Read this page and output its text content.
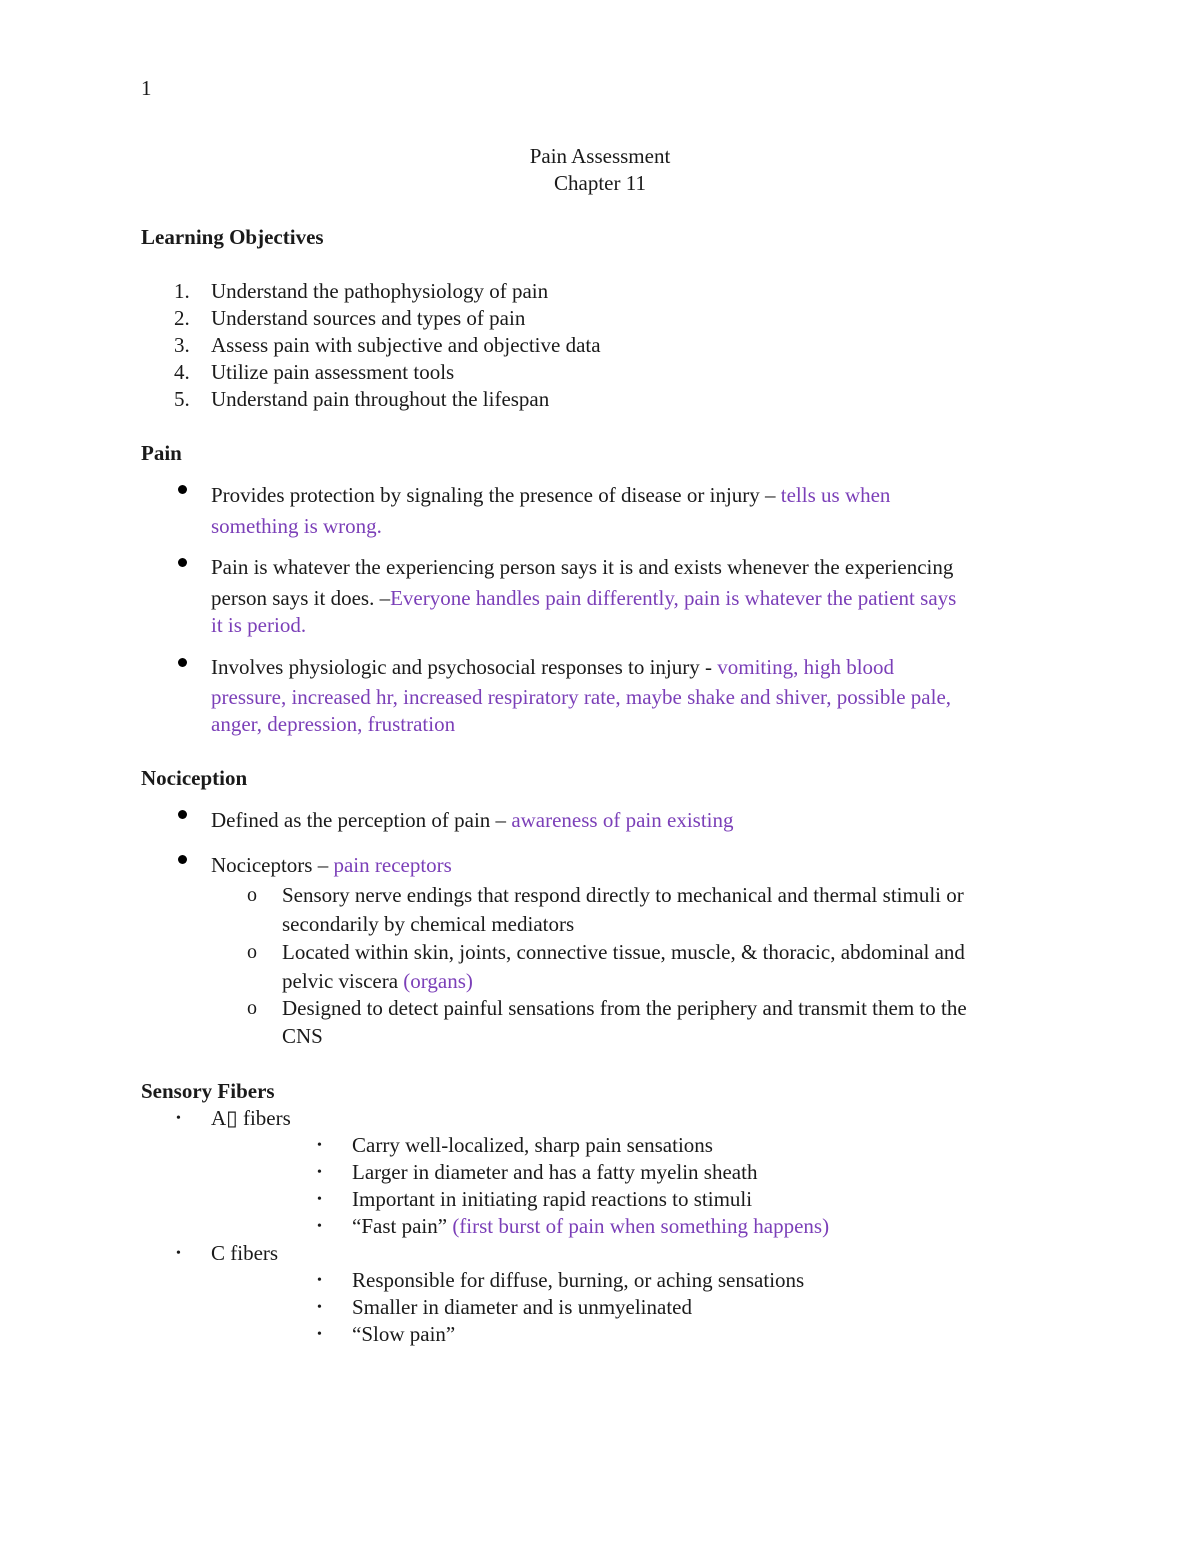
1
Pain Assessment
Chapter 11
Learning Objectives
1. Understand the pathophysiology of pain
2. Understand sources and types of pain
3. Assess pain with subjective and objective data
4. Utilize pain assessment tools
5. Understand pain throughout the lifespan
Pain
Provides protection by signaling the presence of disease or injury – tells us when
something is wrong.
Pain is whatever the experiencing person says it is and exists whenever the experiencing
person says it does. –Everyone handles pain differently, pain is whatever the patient says
it is period.
Involves physiologic and psychosocial responses to injury - vomiting, high blood
pressure, increased hr, increased respiratory rate, maybe shake and shiver, possible pale,
anger, depression, frustration
Nociception
Defined as the perception of pain – awareness of pain existing
Nociceptors – pain receptors
o Sensory nerve endings that respond directly to mechanical and thermal stimuli or
secondarily by chemical mediators
o Located within skin, joints, connective tissue, muscle, & thoracic, abdominal and
pelvic viscera (organs)
o Designed to detect painful sensations from the periphery and transmit them to the
CNS
Sensory Fibers
• A▯ fibers
• Carry well-localized, sharp pain sensations
• Larger in diameter and has a fatty myelin sheath
• Important in initiating rapid reactions to stimuli
• “Fast pain” (first burst of pain when something happens)
• C fibers
• Responsible for diffuse, burning, or aching sensations
• Smaller in diameter and is unmyelinated
• “Slow pain”
